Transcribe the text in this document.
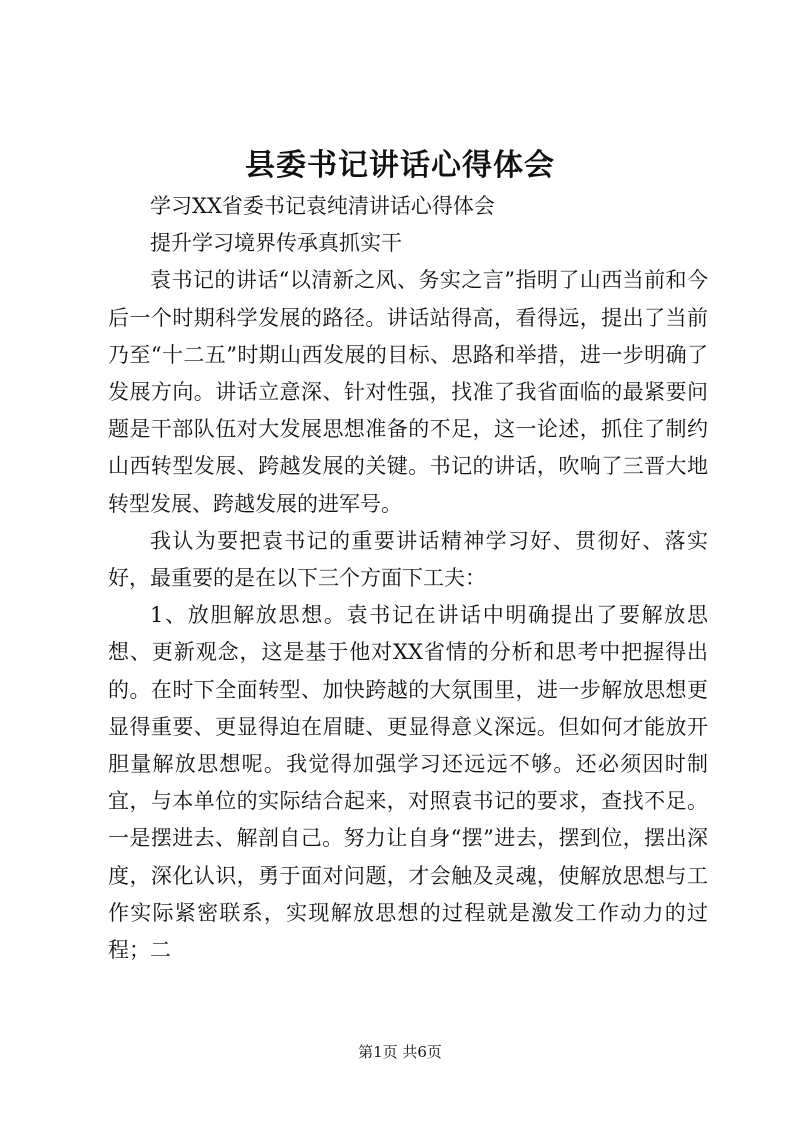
县委书记讲话心得体会

学习XX省委书记袁纯清讲话心得体会

提升学习境界传承真抓实干

袁书记的讲话“以清新之风、务实之言”指明了山西当前和今后一个时期科学发展的路径。讲话站得高，看得远，提出了当前乃至“十二五”时期山西发展的目标、思路和举措，进一步明确了发展方向。讲话立意深、针对性强，找准了我省面临的最紧要问题是干部队伍对大发展思想准备的不足，这一论述，抓住了制约山西转型发展、跨越发展的关键。书记的讲话，吹响了三晋大地转型发展、跨越发展的进军号。

我认为要把袁书记的重要讲话精神学习好、贯彻好、落实好，最重要的是在以下三个方面下工夫：

1、放胆解放思想。袁书记在讲话中明确提出了要解放思想、更新观念，这是基于他对XX省情的分析和思考中把握得出的。在时下全面转型、加快跨越的大氛围里，进一步解放思想更显得重要、更显得迫在眉睫、更显得意义深远。但如何才能放开胆量解放思想呢。我觉得加强学习还远远不够。还必须因时制宜，与本单位的实际结合起来，对照袁书记的要求，查找不足。一是摆进去、解剖自己。努力让自身“摆”进去，摆到位，摆出深度，深化认识，勇于面对问题，才会触及灵魂，使解放思想与工作实际紧密联系，实现解放思想的过程就是激发工作动力的过程；二

第1页 共6页
